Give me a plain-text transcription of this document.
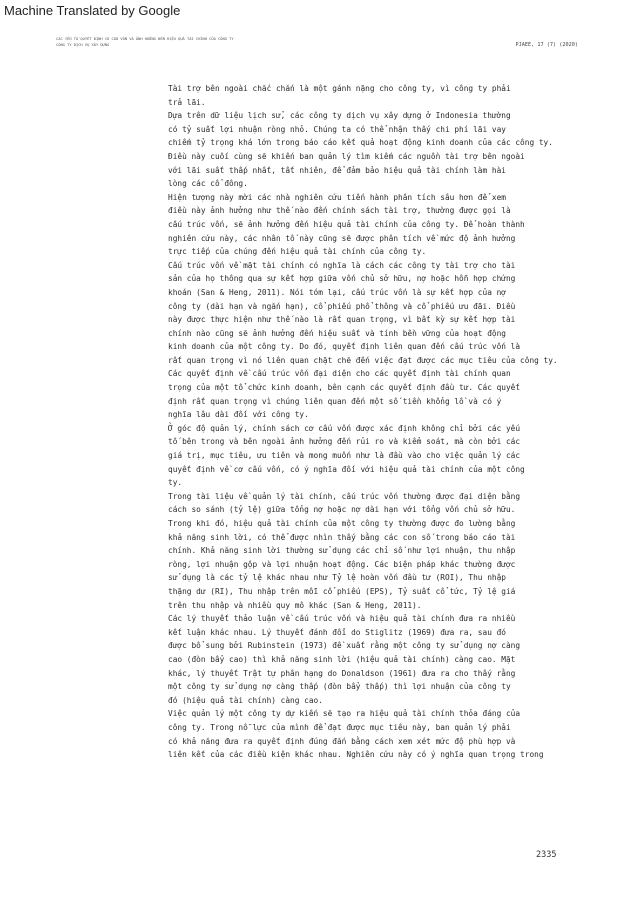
Machine Translated by Google
CÁC YẾU TỐ QUYẾT ĐỊNH CƠ CẤU VỐN VÀ ẢNH HƯỞNG ĐẾN HIỆU QUẢ TÀI CHÍNH CỦA CÔNG TY
CÔNG TY DỊCH VỤ XÂY DỰNG	PJAEE, 17 (7) (2020)

Tài trợ bên ngoài chắc chắn là một gánh nặng cho công ty, vì công ty phải
trả lãi.

Dựa trên dữ liệu lịch sử, các công ty dịch vụ xây dựng ở Indonesia thường
có tỷ suất lợi nhuận ròng nhỏ. Chúng ta có thể nhận thấy chi phí lãi vay
chiếm tỷ trọng khá lớn trong báo cáo kết quả hoạt động kinh doanh của các công ty.
Điều này cuối cùng sẽ khiến ban quản lý tìm kiếm các nguồn tài trợ bên ngoài
với lãi suất thấp nhất, tất nhiên, để đảm bảo hiệu quả tài chính làm hài
lòng các cổ đông.

Hiện tượng này mời các nhà nghiên cứu tiến hành phân tích sâu hơn để xem
điều này ảnh hưởng như thế nào đến chính sách tài trợ, thường được gọi là
cấu trúc vốn, sẽ ảnh hưởng đến hiệu quả tài chính của công ty. Để hoàn thành
nghiên cứu này, các nhân tố này cũng sẽ được phân tích về mức độ ảnh hưởng
trực tiếp của chúng đến hiệu quả tài chính của công ty.

Cấu trúc vốn về mặt tài chính có nghĩa là cách các công ty tài trợ cho tài
sản của họ thông qua sự kết hợp giữa vốn chủ sở hữu, nợ hoặc hỗn hợp chứng
khoán (San & Heng, 2011). Nói tóm lại, cấu trúc vốn là sự kết hợp của nợ
công ty (dài hạn và ngắn hạn), cổ phiếu phổ thông và cổ phiếu ưu đãi. Điều
này được thực hiện như thế nào là rất quan trọng, vì bất kỳ sự kết hợp tài
chính nào cũng sẽ ảnh hưởng đến hiệu suất và tính bền vững của hoạt động
kinh doanh của một công ty. Do đó, quyết định liên quan đến cấu trúc vốn là
rất quan trọng vì nó liên quan chặt chẽ đến việc đạt được các mục tiêu của công ty.
Các quyết định về cấu trúc vốn đại diện cho các quyết định tài chính quan
trọng của một tổ chức kinh doanh, bên cạnh các quyết định đầu tư. Các quyết
định rất quan trọng vì chúng liên quan đến một số tiền khổng lồ và có ý
nghĩa lâu dài đối với công ty.

Ở góc độ quản lý, chính sách cơ cấu vốn được xác định không chỉ bởi các yếu
tố bên trong và bên ngoài ảnh hưởng đến rủi ro và kiểm soát, mà còn bởi các
giá trị, mục tiêu, ưu tiên và mong muốn như là đầu vào cho việc quản lý các
quyết định về cơ cấu vốn, có ý nghĩa đối với hiệu quả tài chính của một công
ty.

Trong tài liệu về quản lý tài chính, cấu trúc vốn thường được đại diện bằng
cách so sánh (tỷ lệ) giữa tổng nợ hoặc nợ dài hạn với tổng vốn chủ sở hữu.
Trong khi đó, hiệu quả tài chính của một công ty thường được đo lường bằng
khả năng sinh lời, có thể được nhìn thấy bằng các con số trong báo cáo tài
chính. Khả năng sinh lời thường sử dụng các chỉ số như lợi nhuận, thu nhập
ròng, lợi nhuận gộp và lợi nhuận hoạt động. Các biện pháp khác thường được
sử dụng là các tỷ lệ khác nhau như Tỷ lệ hoàn vốn đầu tư (ROI), Thu nhập
thặng dư (RI), Thu nhập trên mỗi cổ phiếu (EPS), Tỷ suất cổ tức, Tỷ lệ giá
trên thu nhập và nhiều quy mô khác (San & Heng, 2011).

Các lý thuyết thảo luận về cấu trúc vốn và hiệu quả tài chính đưa ra nhiều
kết luận khác nhau. Lý thuyết đánh đổi do Stiglitz (1969) đưa ra, sau đó
được bổ sung bởi Rubinstein (1973) đề xuất rằng một công ty sử dụng nợ càng
cao (đòn bẩy cao) thì khả năng sinh lời (hiệu quả tài chính) càng cao. Mặt
khác, lý thuyết Trật tự phân hạng do Donaldson (1961) đưa ra cho thấy rằng
một công ty sử dụng nợ càng thấp (đòn bẩy thấp) thì lợi nhuận của công ty
đó (hiệu quả tài chính) càng cao.

Việc quản lý một công ty dự kiến sẽ tạo ra hiệu quả tài chính thỏa đáng của
công ty. Trong nỗ lực của mình để đạt được mục tiêu này, ban quản lý phải
có khả năng đưa ra quyết định đúng đắn bằng cách xem xét mức độ phù hợp và
liên kết của các điều kiện khác nhau. Nghiên cứu này có ý nghĩa quan trọng trong

2335
